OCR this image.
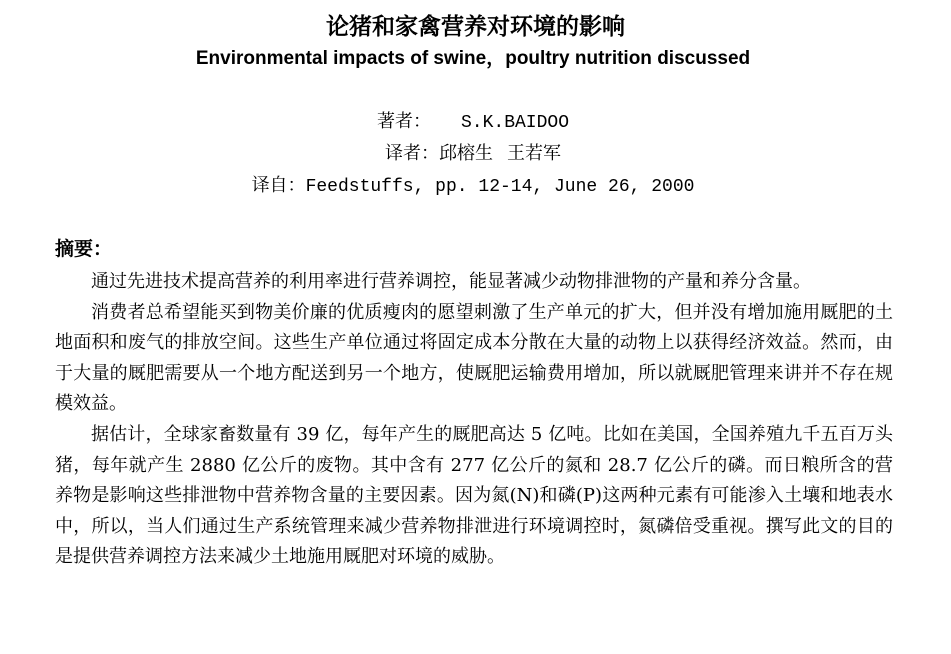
论猪和家禽营养对环境的影响
Environmental impacts of swine，poultry nutrition discussed
著者： S.K.BAIDOO
译者：邱榕生 王若军
译自：Feedstuffs, pp. 12-14, June 26, 2000
摘要：

通过先进技术提高营养的利用率进行营养调控，能显著减少动物排泄物的产量和养分含量。

消费者总希望能买到物美价廉的优质瘦肉的愿望刺激了生产单元的扩大，但并没有增加施用厩肥的土地面积和废气的排放空间。这些生产单位通过将固定成本分散在大量的动物上以获得经济效益。然而，由于大量的厩肥需要从一个地方配送到另一个地方，使厩肥运输费用增加，所以就厩肥管理来讲并不存在规模效益。

据估计，全球家畜数量有 39 亿，每年产生的厩肥高达 5 亿吨。比如在美国，全国养殖九千五百万头猪，每年就产生 2880 亿公斤的废物。其中含有 277 亿公斤的氮和 28.7 亿公斤的磷。而日粮所含的营养物是影响这些排泄物中营养物含量的主要因素。因为氮(N)和磷(P)这两种元素有可能渗入土壤和地表水中，所以，当人们通过生产系统管理来减少营养物排泄进行环境调控时，氮磷倍受重视。撰写此文的目的是提供营养调控方法来减少土地施用厩肥对环境的威胁。
